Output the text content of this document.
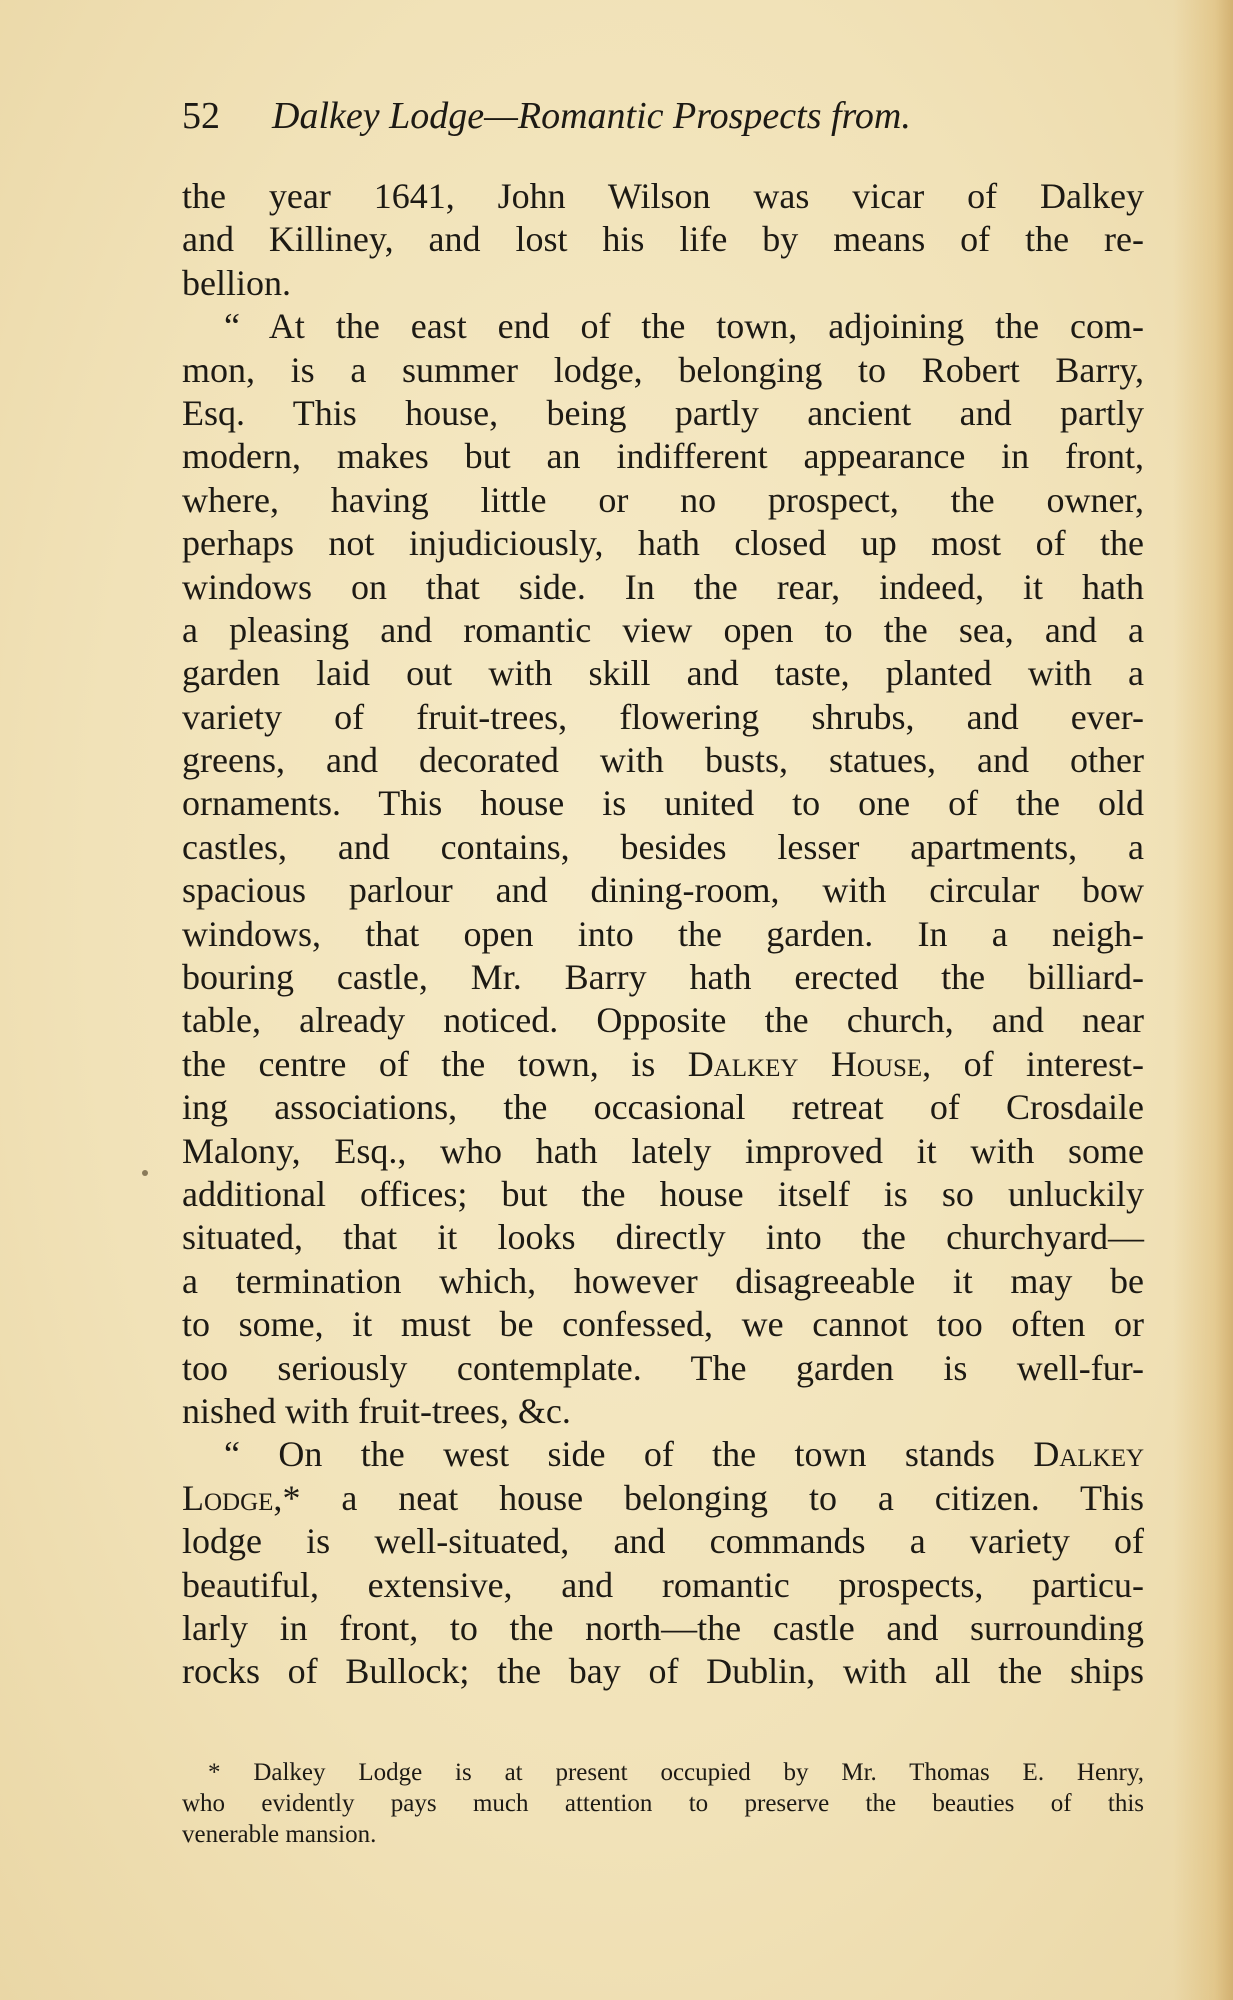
52 Dalkey Lodge—Romantic Prospects from.
the year 1641, John Wilson was vicar of Dalkey
and Killiney, and lost his life by means of the re-
bellion.
“ At the east end of the town, adjoining the com-
mon, is a summer lodge, belonging to Robert Barry,
Esq. This house, being partly ancient and partly
modern, makes but an indifferent appearance in front,
where, having little or no prospect, the owner,
perhaps not injudiciously, hath closed up most of the
windows on that side. In the rear, indeed, it hath
a pleasing and romantic view open to the sea, and a
garden laid out with skill and taste, planted with a
variety of fruit-trees, flowering shrubs, and ever-
greens, and decorated with busts, statues, and other
ornaments. This house is united to one of the old
castles, and contains, besides lesser apartments, a
spacious parlour and dining-room, with circular bow
windows, that open into the garden. In a neigh-
bouring castle, Mr. Barry hath erected the billiard-
table, already noticed. Opposite the church, and near
the centre of the town, is Dalkey House, of interest-
ing associations, the occasional retreat of Crosdaile
Malony, Esq., who hath lately improved it with some
additional offices; but the house itself is so unluckily
situated, that it looks directly into the churchyard—
a termination which, however disagreeable it may be
to some, it must be confessed, we cannot too often or
too seriously contemplate. The garden is well-fur-
nished with fruit-trees, &c.
“ On the west side of the town stands Dalkey
Lodge,* a neat house belonging to a citizen. This
lodge is well-situated, and commands a variety of
beautiful, extensive, and romantic prospects, particu-
larly in front, to the north—the castle and surrounding
rocks of Bullock; the bay of Dublin, with all the ships
* Dalkey Lodge is at present occupied by Mr. Thomas E. Henry,
who evidently pays much attention to preserve the beauties of this
venerable mansion.
